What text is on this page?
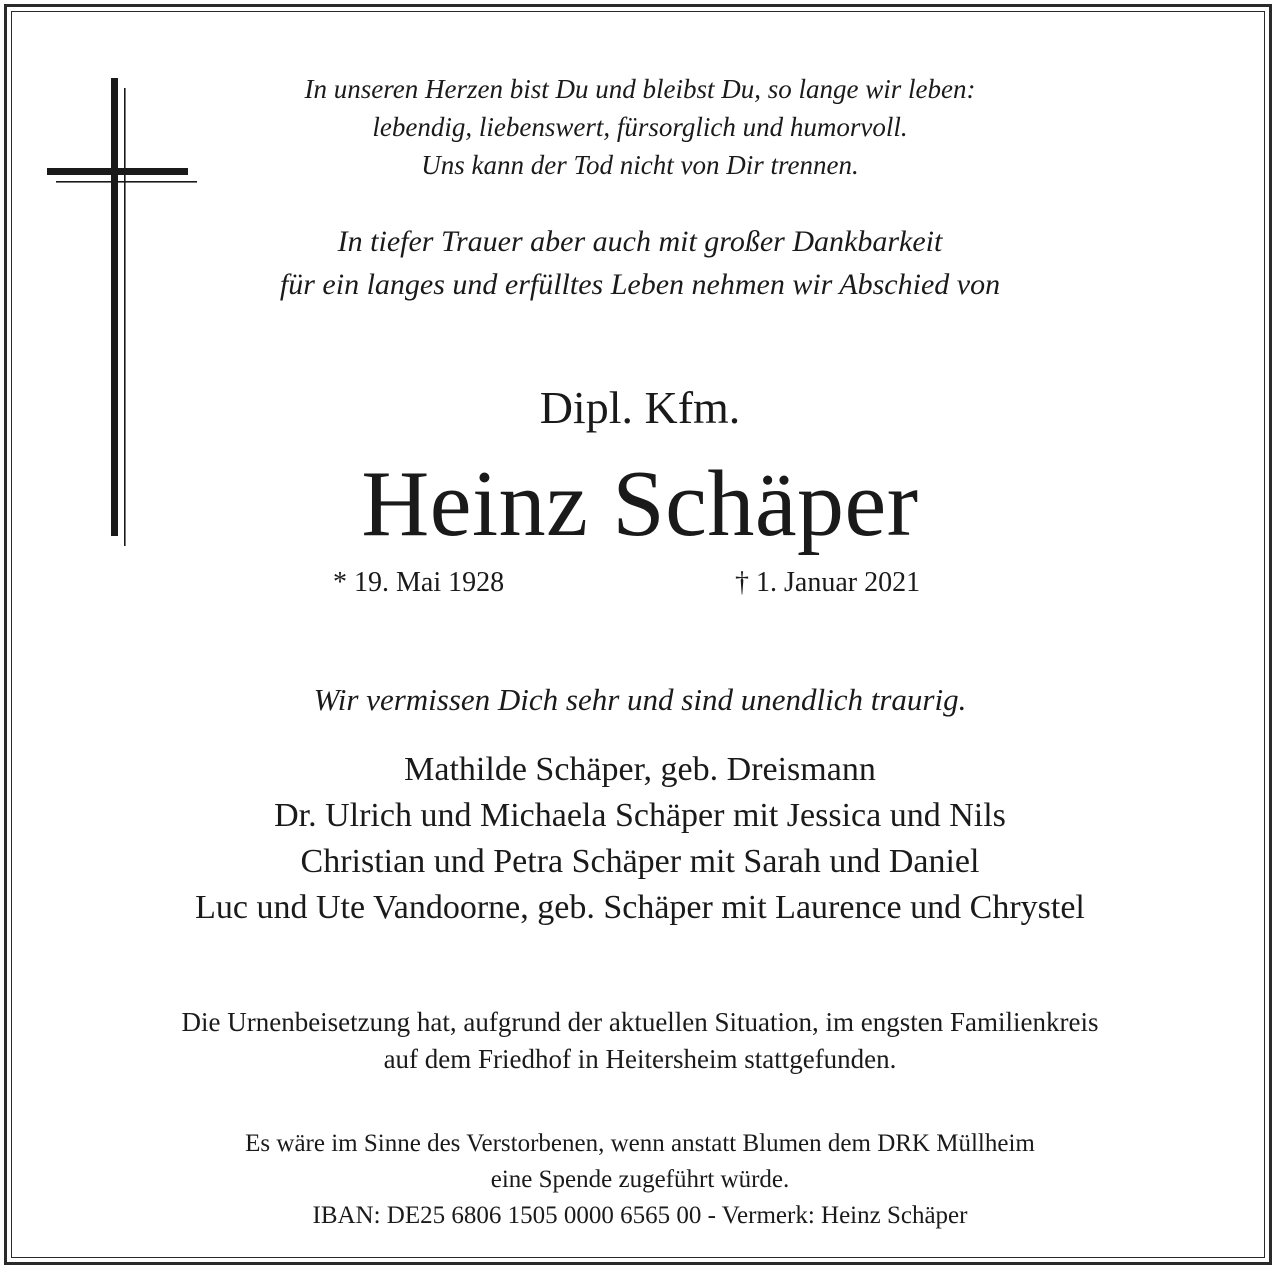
In unseren Herzen bist Du und bleibst Du, so lange wir leben:
lebendig, liebenswert, fürsorglich und humorvoll.
Uns kann der Tod nicht von Dir trennen.
In tiefer Trauer aber auch mit großer Dankbarkeit
für ein langes und erfülltes Leben nehmen wir Abschied von
Dipl. Kfm.
Heinz Schäper
* 19. Mai 1928	† 1. Januar 2021
Wir vermissen Dich sehr und sind unendlich traurig.
Mathilde Schäper, geb. Dreismann
Dr. Ulrich und Michaela Schäper mit Jessica und Nils
Christian und Petra Schäper mit Sarah und Daniel
Luc und Ute Vandoorne, geb. Schäper mit Laurence und Chrystel
Die Urnenbeisetzung hat, aufgrund der aktuellen Situation, im engsten Familienkreis
auf dem Friedhof in Heitersheim stattgefunden.
Es wäre im Sinne des Verstorbenen, wenn anstatt Blumen dem DRK Müllheim
eine Spende zugeführt würde.
IBAN: DE25 6806 1505 0000 6565 00 - Vermerk: Heinz Schäper
